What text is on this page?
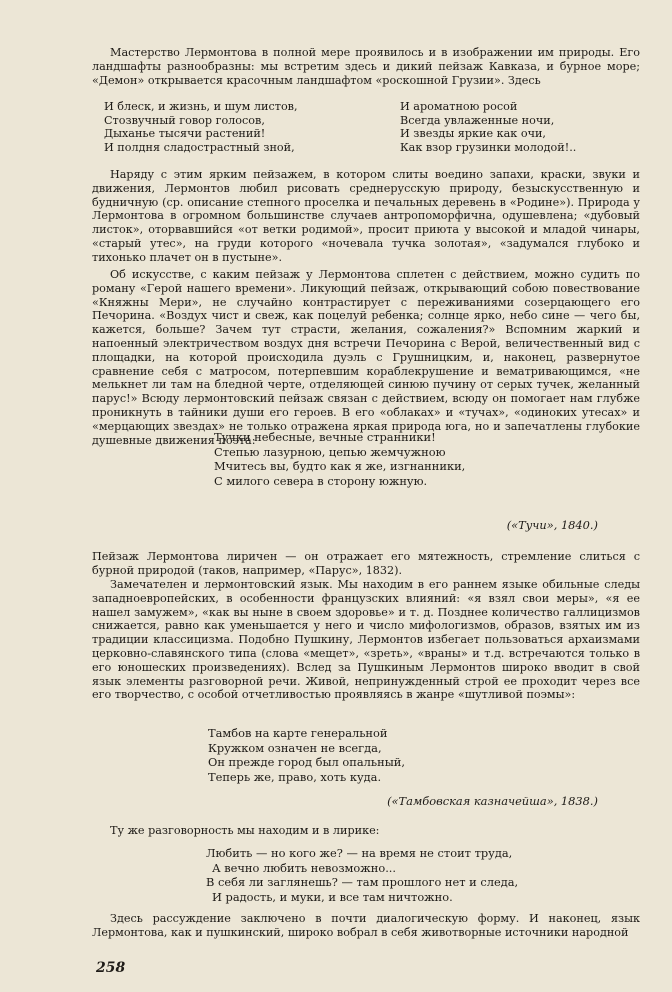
Мастерство Лермонтова в полной мере проявилось и в изображении им природы. Его ландшафты разнообразны: мы встретим здесь и дикий пейзаж Кавказа, и бурное море; «Демон» открывается красочным ландшафтом «роскошной Грузии». Здесь

И блеск, и жизнь, и шум листов,
Стозвучный говор голосов,
Дыханье тысячи растений!
И полдня сладострастный зной,
И ароматною росой
Всегда увлаженные ночи,
И звезды яркие как очи,
Как взор грузинки молодой!..

Наряду с этим ярким пейзажем, в котором слиты воедино запахи, краски, звуки и движения, Лермонтов любил рисовать среднерусскую природу, безыскусственную и будничную (ср. описание степного проселка и печальных деревень в «Родине»). Природа у Лермонтова в огромном большинстве случаев антропоморфична, одушевлена; «дубовый листок», оторвавшийся «от ветки родимой», просит приюта у высокой и младой чинары, «старый утес», на груди которого «ночевала тучка золотая», «задумался глубоко и тихонько плачет он в пустыне».

Об искусстве, с каким пейзаж у Лермонтова сплетен с действием, можно судить по роману «Герой нашего времени». Ликующий пейзаж, открывающий собою повествование «Княжны Мери», не случайно контрастирует с переживаниями созерцающего его Печорина. «Воздух чист и свеж, как поцелуй ребенка; солнце ярко, небо сине — чего бы, кажется, больше? Зачем тут страсти, желания, сожаления?» Вспомним жаркий и напоенный электричеством воздух дня встречи Печорина с Верой, величественный вид с площадки, на которой происходила дуэль с Грушницким, и, наконец, развернутое сравнение себя с матросом, потерпевшим кораблекрушение и вематривающимся, «не мелькнет ли там на бледной черте, отделяющей синюю пучину от серых тучек, желанный парус!» Всюду лермонтовский пейзаж связан с действием, всюду он помогает нам глубже проникнуть в тайники души его героев. В его «облаках» и «тучах», «одиноких утесах» и «мерцающих звездах» не только отражена яркая природа юга, но и запечатлены глубокие душевные движения поэта:

Тучки небесные, вечные странники!
Степью лазурною, цепью жемчужною
Мчитесь вы, будто как я же, изгнанники,
С милого севера в сторону южную.
(«Тучи», 1840.)

Пейзаж Лермонтова лиричен — он отражает его мятежность, стремление слиться с бурной природой (таков, например, «Парус», 1832).

Замечателен и лермонтовский язык. Мы находим в его раннем языке обильные следы западноевропейских, в особенности французских влияний: «я взял свои меры», «я ее нашел замужем», «как вы ныне в своем здоровье» и т. д. Позднее количество галлицизмов снижается, равно как уменьшается у него и число мифологизмов, образов, взятых им из традиции классицизма. Подобно Пушкину, Лермонтов избегает пользоваться архаизмами церковно-славянского типа (слова «мещет», «зреть», «враны» и т.д. встречаются только в его юношеских произведениях). Вслед за Пушкиным Лермонтов широко вводит в свой язык элементы разговорной речи. Живой, непринужденный строй ее проходит через все его творчество, с особой отчетливостью проявляясь в жанре «шутливой поэмы»:

Тамбов на карте генеральной
Кружком означен не всегда,
Он прежде город был опальный,
Теперь же, право, хоть куда.
(«Тамбовская казначейша», 1838.)

Ту же разговорность мы находим и в лирике:

Любить — но кого же? — на время не стоит труда,
А вечно любить невозможно...
В себя ли заглянешь? — там прошлого нет и следа,
И радость, и муки, и все там ничтожно.

Здесь рассуждение заключено в почти диалогическую форму. И наконец, язык Лермонтова, как и пушкинский, широко вобрал в себя животворные источники народной

258
